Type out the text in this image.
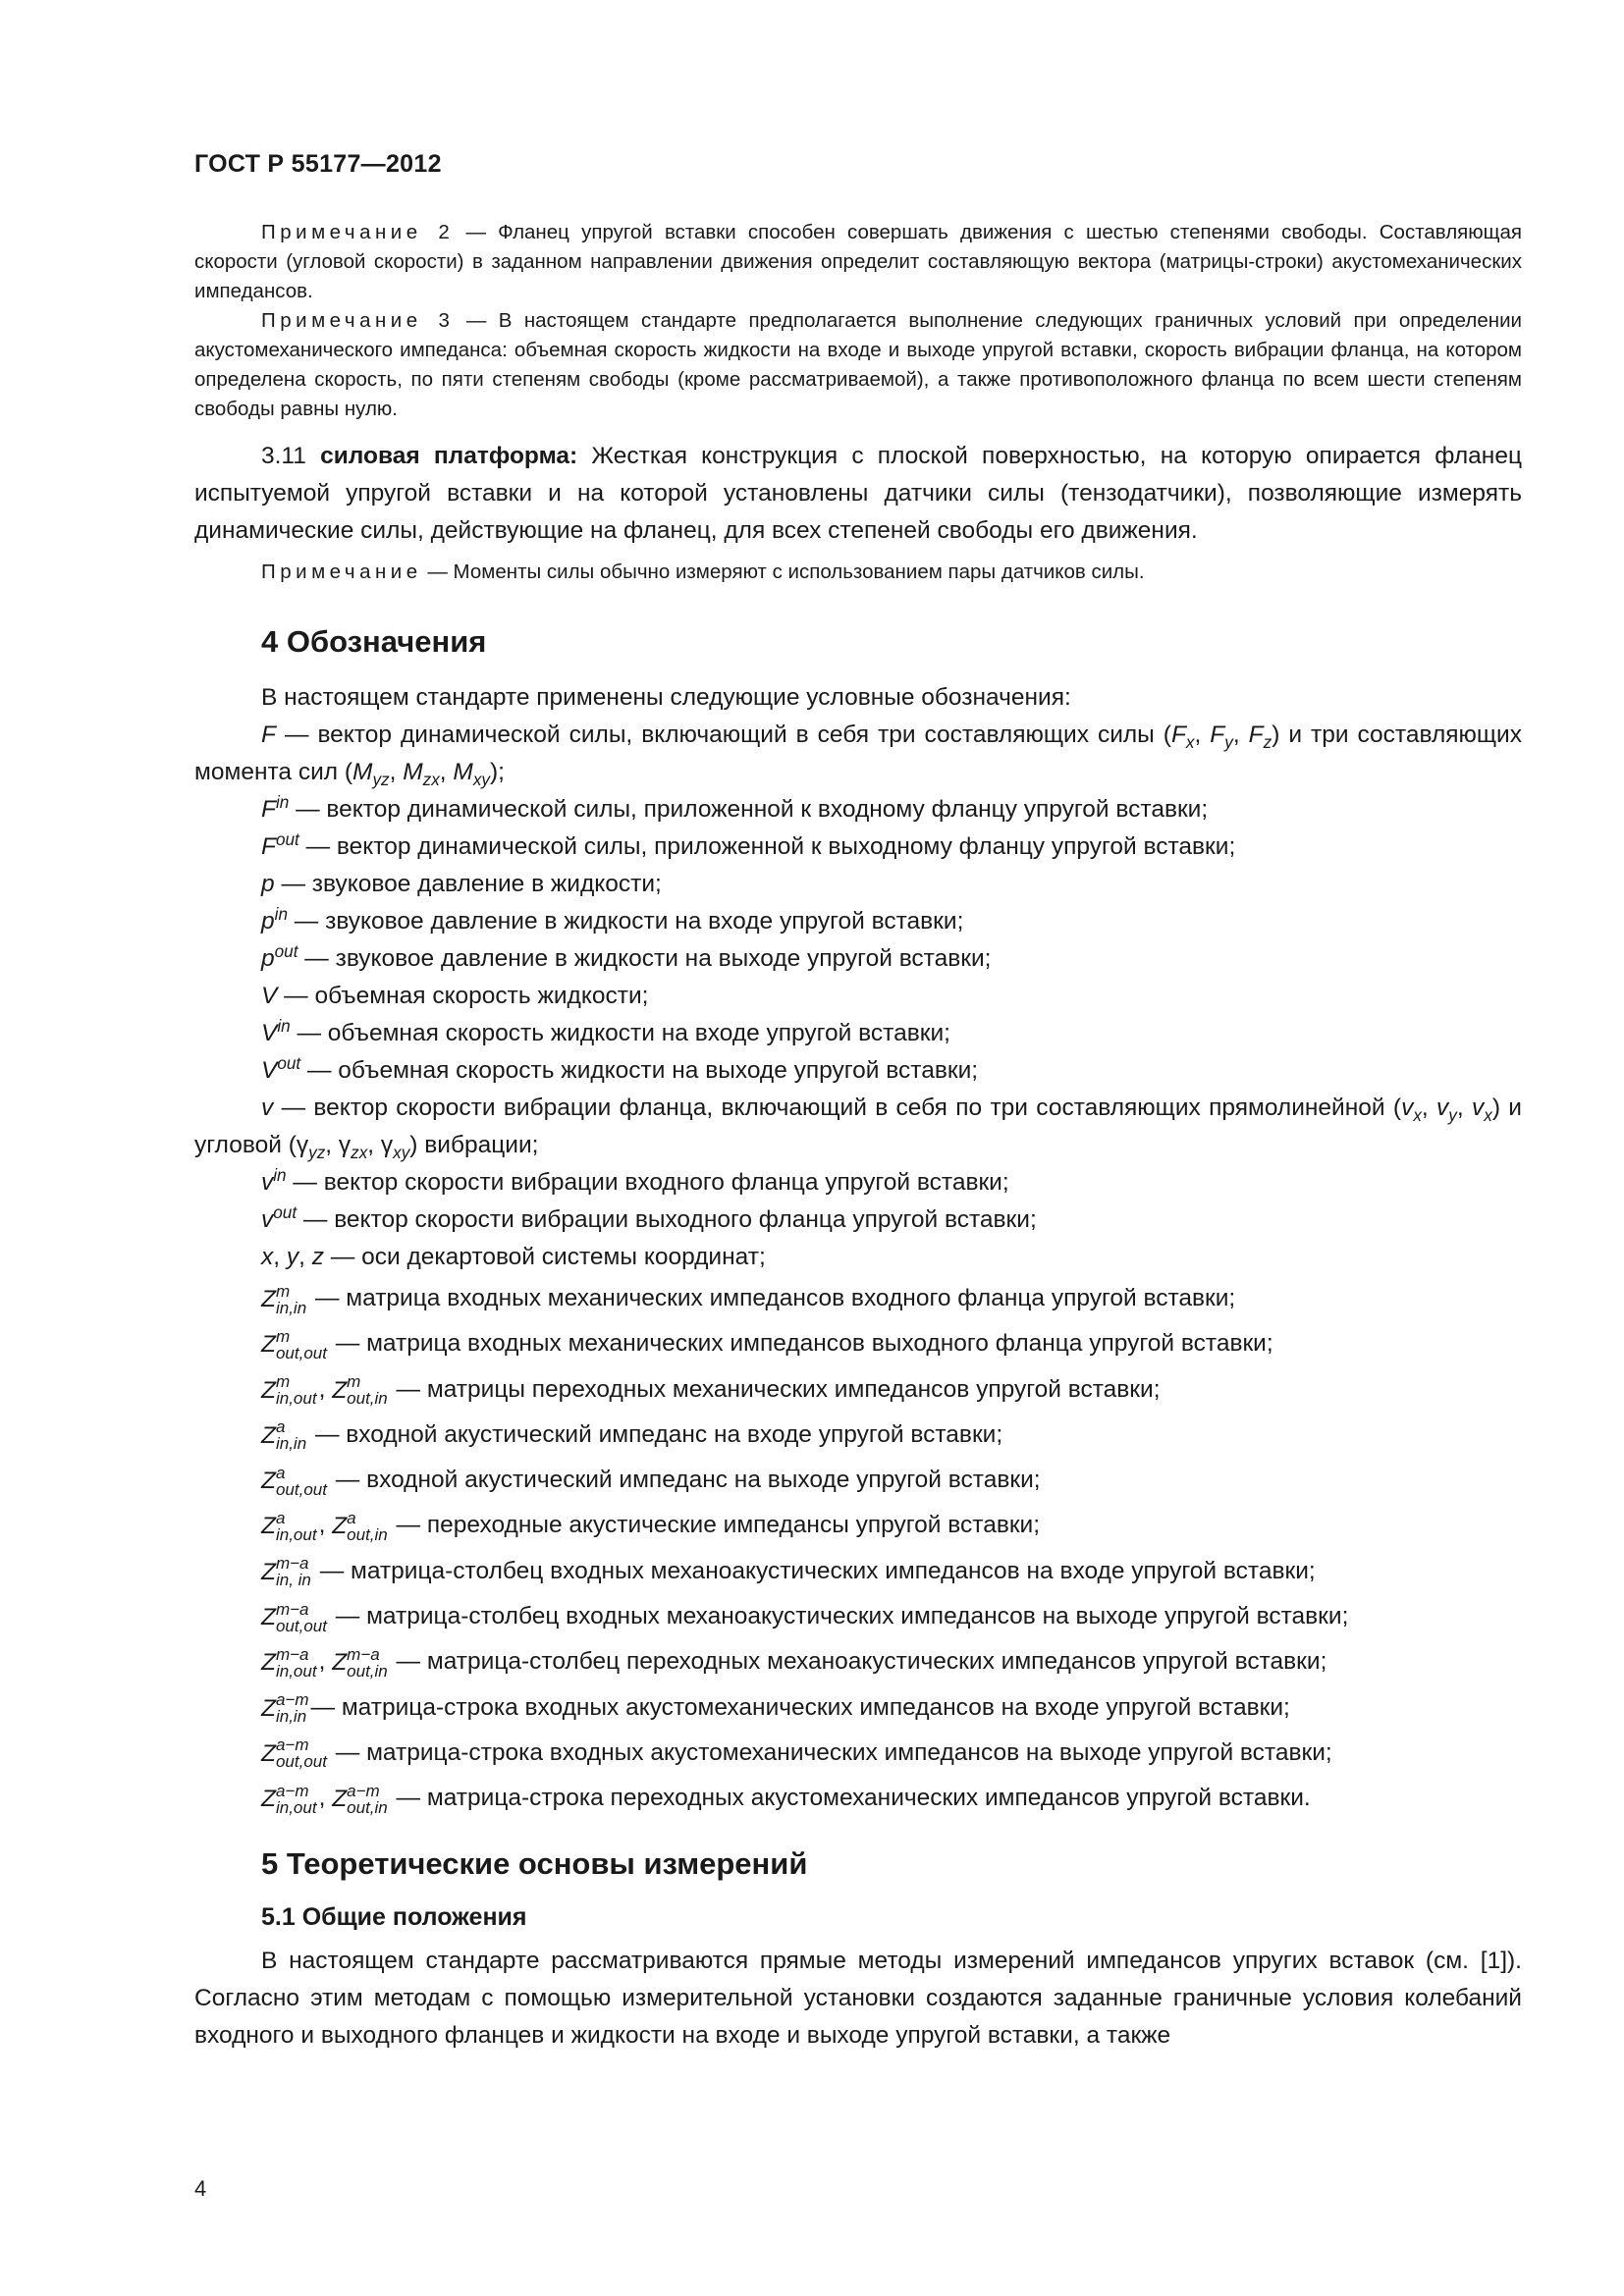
ГОСТ Р 55177—2012

Примечание 2 — Фланец упругой вставки способен совершать движения с шестью степенями свободы. Составляющая скорости (угловой скорости) в заданном направлении движения определит составляющую вектора (матрицы-строки) акустомеханических импедансов.

Примечание 3 — В настоящем стандарте предполагается выполнение следующих граничных условий при определении акустомеханического импеданса: объемная скорость жидкости на входе и выходе упругой вставки, скорость вибрации фланца, на котором определена скорость, по пяти степеням свободы (кроме рассматриваемой), а также противоположного фланца по всем шести степеням свободы равны нулю.

3.11 силовая платформа: Жесткая конструкция с плоской поверхностью, на которую опирается фланец испытуемой упругой вставки и на которой установлены датчики силы (тензодатчики), позволяющие измерять динамические силы, действующие на фланец, для всех степеней свободы его движения.

Примечание — Моменты силы обычно измеряют с использованием пары датчиков силы.

4 Обозначения

В настоящем стандарте применены следующие условные обозначения:

F — вектор динамической силы, включающий в себя три составляющих силы ($F_x$, $F_y$, $F_z$) и три составляющих момента сил ($M_{yz}$, $M_{zx}$, $M_{xy}$);

$F^{in}$ — вектор динамической силы, приложенной к входному фланцу упругой вставки;

$F^{out}$ — вектор динамической силы, приложенной к выходному фланцу упругой вставки;

p — звуковое давление в жидкости;

$p^{in}$ — звуковое давление в жидкости на входе упругой вставки;

$p^{out}$ — звуковое давление в жидкости на выходе упругой вставки;

V — объемная скорость жидкости;

$V^{in}$ — объемная скорость жидкости на входе упругой вставки;

$V^{out}$ — объемная скорость жидкости на выходе упругой вставки;

v — вектор скорости вибрации фланца, включающий в себя по три составляющих прямолинейной ($v_x$, $v_y$, $v_x$) и угловой ($\gamma_{yz}$, $\gamma_{zx}$, $\gamma_{xy}$) вибрации;

$v^{in}$ — вектор скорости вибрации входного фланца упругой вставки;

$v^{out}$ — вектор скорости вибрации выходного фланца упругой вставки;

x, y, z — оси декартовой системы координат;

Z m
in,in — матрица входных механических импедансов входного фланца упругой вставки;

Z m
out,out — матрица входных механических импедансов выходного фланца упругой вставки;

Z m
in,out , Z m
out,in — матрицы переходных механических импедансов упругой вставки;

Z a
in,in — входной акустический импеданс на входе упругой вставки;

Z a
out,out — входной акустический импеданс на выходе упругой вставки;

Z a
in,out , Z a
out,in — переходные акустические импедансы упругой вставки;

Z m−a
in, in — матрица-столбец входных механоакустических импедансов на входе упругой вставки;

Z m−a
out,out — матрица-столбец входных механоакустических импедансов на выходе упругой вставки;

Z m−a
in,out , Z m−a
out,in — матрица-столбец переходных механоакустических импедансов упругой вставки;

Z a−m
in,in — матрица-строка входных акустомеханических импедансов на входе упругой вставки;

Z a−m
out,out — матрица-строка входных акустомеханических импедансов на выходе упругой вставки;

Z a−m
in,out , Z a−m
out,in — матрица-строка переходных акустомеханических импедансов упругой вставки.

5 Теоретические основы измерений
5.1 Общие положения

В настоящем стандарте рассматриваются прямые методы измерений импедансов упругих вставок (см. [1]). Согласно этим методам с помощью измерительной установки создаются заданные граничные условия колебаний входного и выходного фланцев и жидкости на входе и выходе упругой вставки, а также

4
